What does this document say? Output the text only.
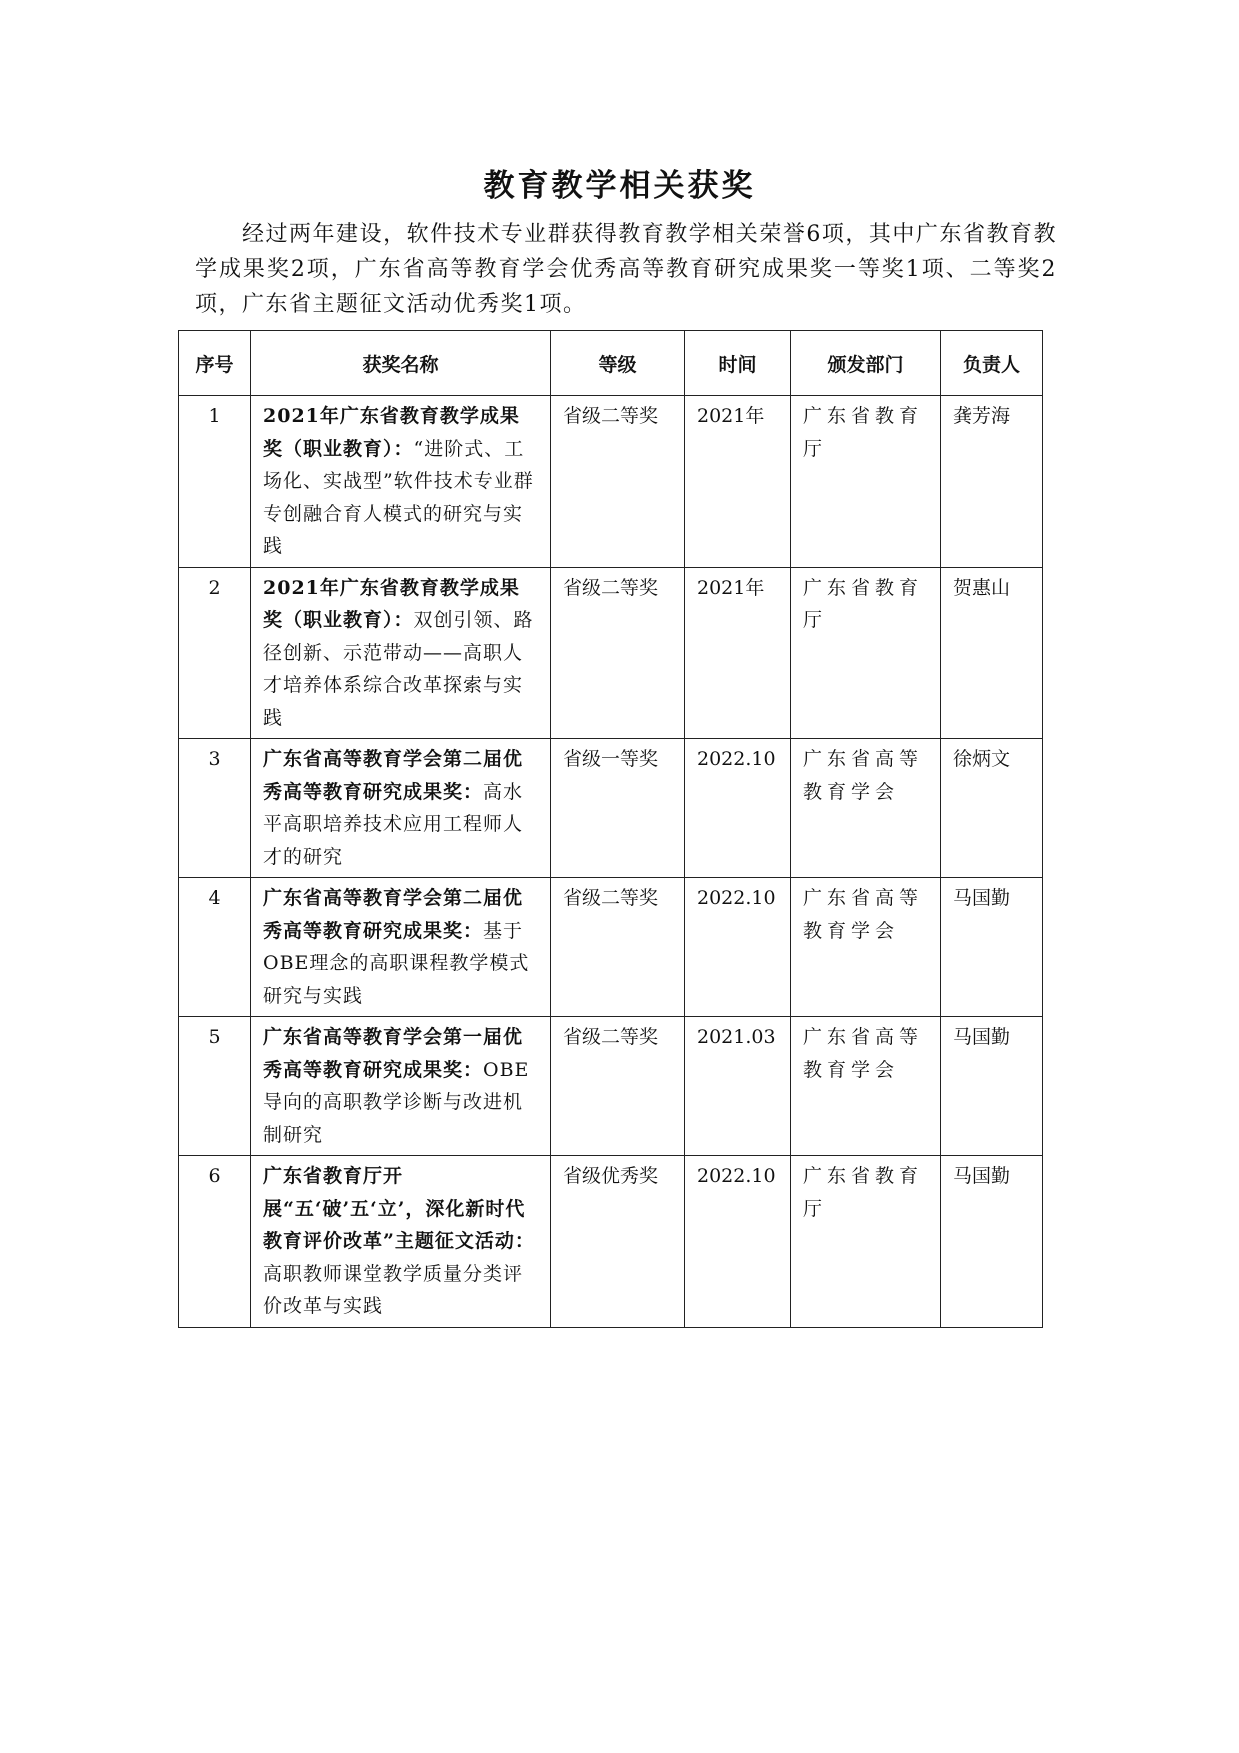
教育教学相关获奖

经过两年建设，软件技术专业群获得教育教学相关荣誉6项，其中广东省教育教学成果奖2项，广东省高等教育学会优秀高等教育研究成果奖一等奖1项、二等奖2项，广东省主题征文活动优秀奖1项。

序号	获奖名称	等级	时间	颁发部门	负责人
1	2021年广东省教育教学成果奖（职业教育）：“进阶式、工场化、实战型”软件技术专业群专创融合育人模式的研究与实践	省级二等奖	2021年	广东省教育厅	龚芳海
2	2021年广东省教育教学成果奖（职业教育）：双创引领、路径创新、示范带动——高职人才培养体系综合改革探索与实践	省级二等奖	2021年	广东省教育厅	贺惠山
3	广东省高等教育学会第二届优秀高等教育研究成果奖：高水平高职培养技术应用工程师人才的研究	省级一等奖	2022.10	广东省高等教育学会	徐炳文
4	广东省高等教育学会第二届优秀高等教育研究成果奖：基于OBE理念的高职课程教学模式研究与实践	省级二等奖	2022.10	广东省高等教育学会	马国勤
5	广东省高等教育学会第一届优秀高等教育研究成果奖：OBE导向的高职教学诊断与改进机制研究	省级二等奖	2021.03	广东省高等教育学会	马国勤
6	广东省教育厅开展“五‘破’五‘立’，深化新时代教育评价改革”主题征文活动：高职教师课堂教学质量分类评价改革与实践	省级优秀奖	2022.10	广东省教育厅	马国勤
